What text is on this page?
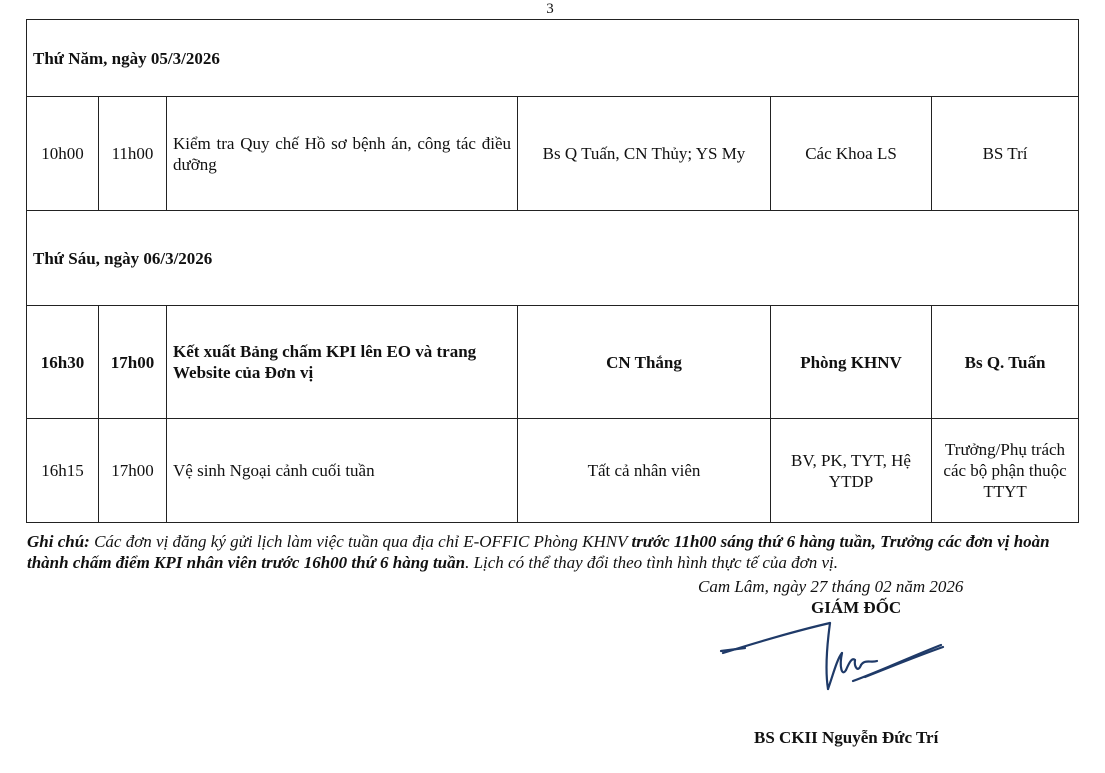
3
Thứ Năm, ngày 05/3/2026					
10h00	11h00	Kiểm tra Quy chế Hồ sơ bệnh án, công tác điều dưỡng	Bs Q Tuấn, CN Thủy; YS My	Các Khoa LS	BS Trí
Thứ Sáu, ngày 06/3/2026					
16h30	17h00	Kết xuất Bảng chấm KPI lên EO và trang Website của Đơn vị	CN Thắng	Phòng KHNV	Bs Q. Tuấn
16h15	17h00	Vệ sinh Ngoại cảnh cuối tuần	Tất cả nhân viên	BV, PK, TYT, Hệ YTDP	Trưởng/Phụ trách các bộ phận thuộc TTYT
Ghi chú: Các đơn vị đăng ký gửi lịch làm việc tuần qua địa chỉ E-OFFIC Phòng KHNV trước 11h00 sáng thứ 6 hàng tuần, Trưởng các đơn vị hoàn thành chấm điểm KPI nhân viên trước 16h00 thứ 6 hàng tuần. Lịch có thể thay đổi theo tình hình thực tế của đơn vị.
Cam Lâm, ngày 27 tháng 02 năm 2026
GIÁM ĐỐC
BS CKII Nguyễn Đức Trí
